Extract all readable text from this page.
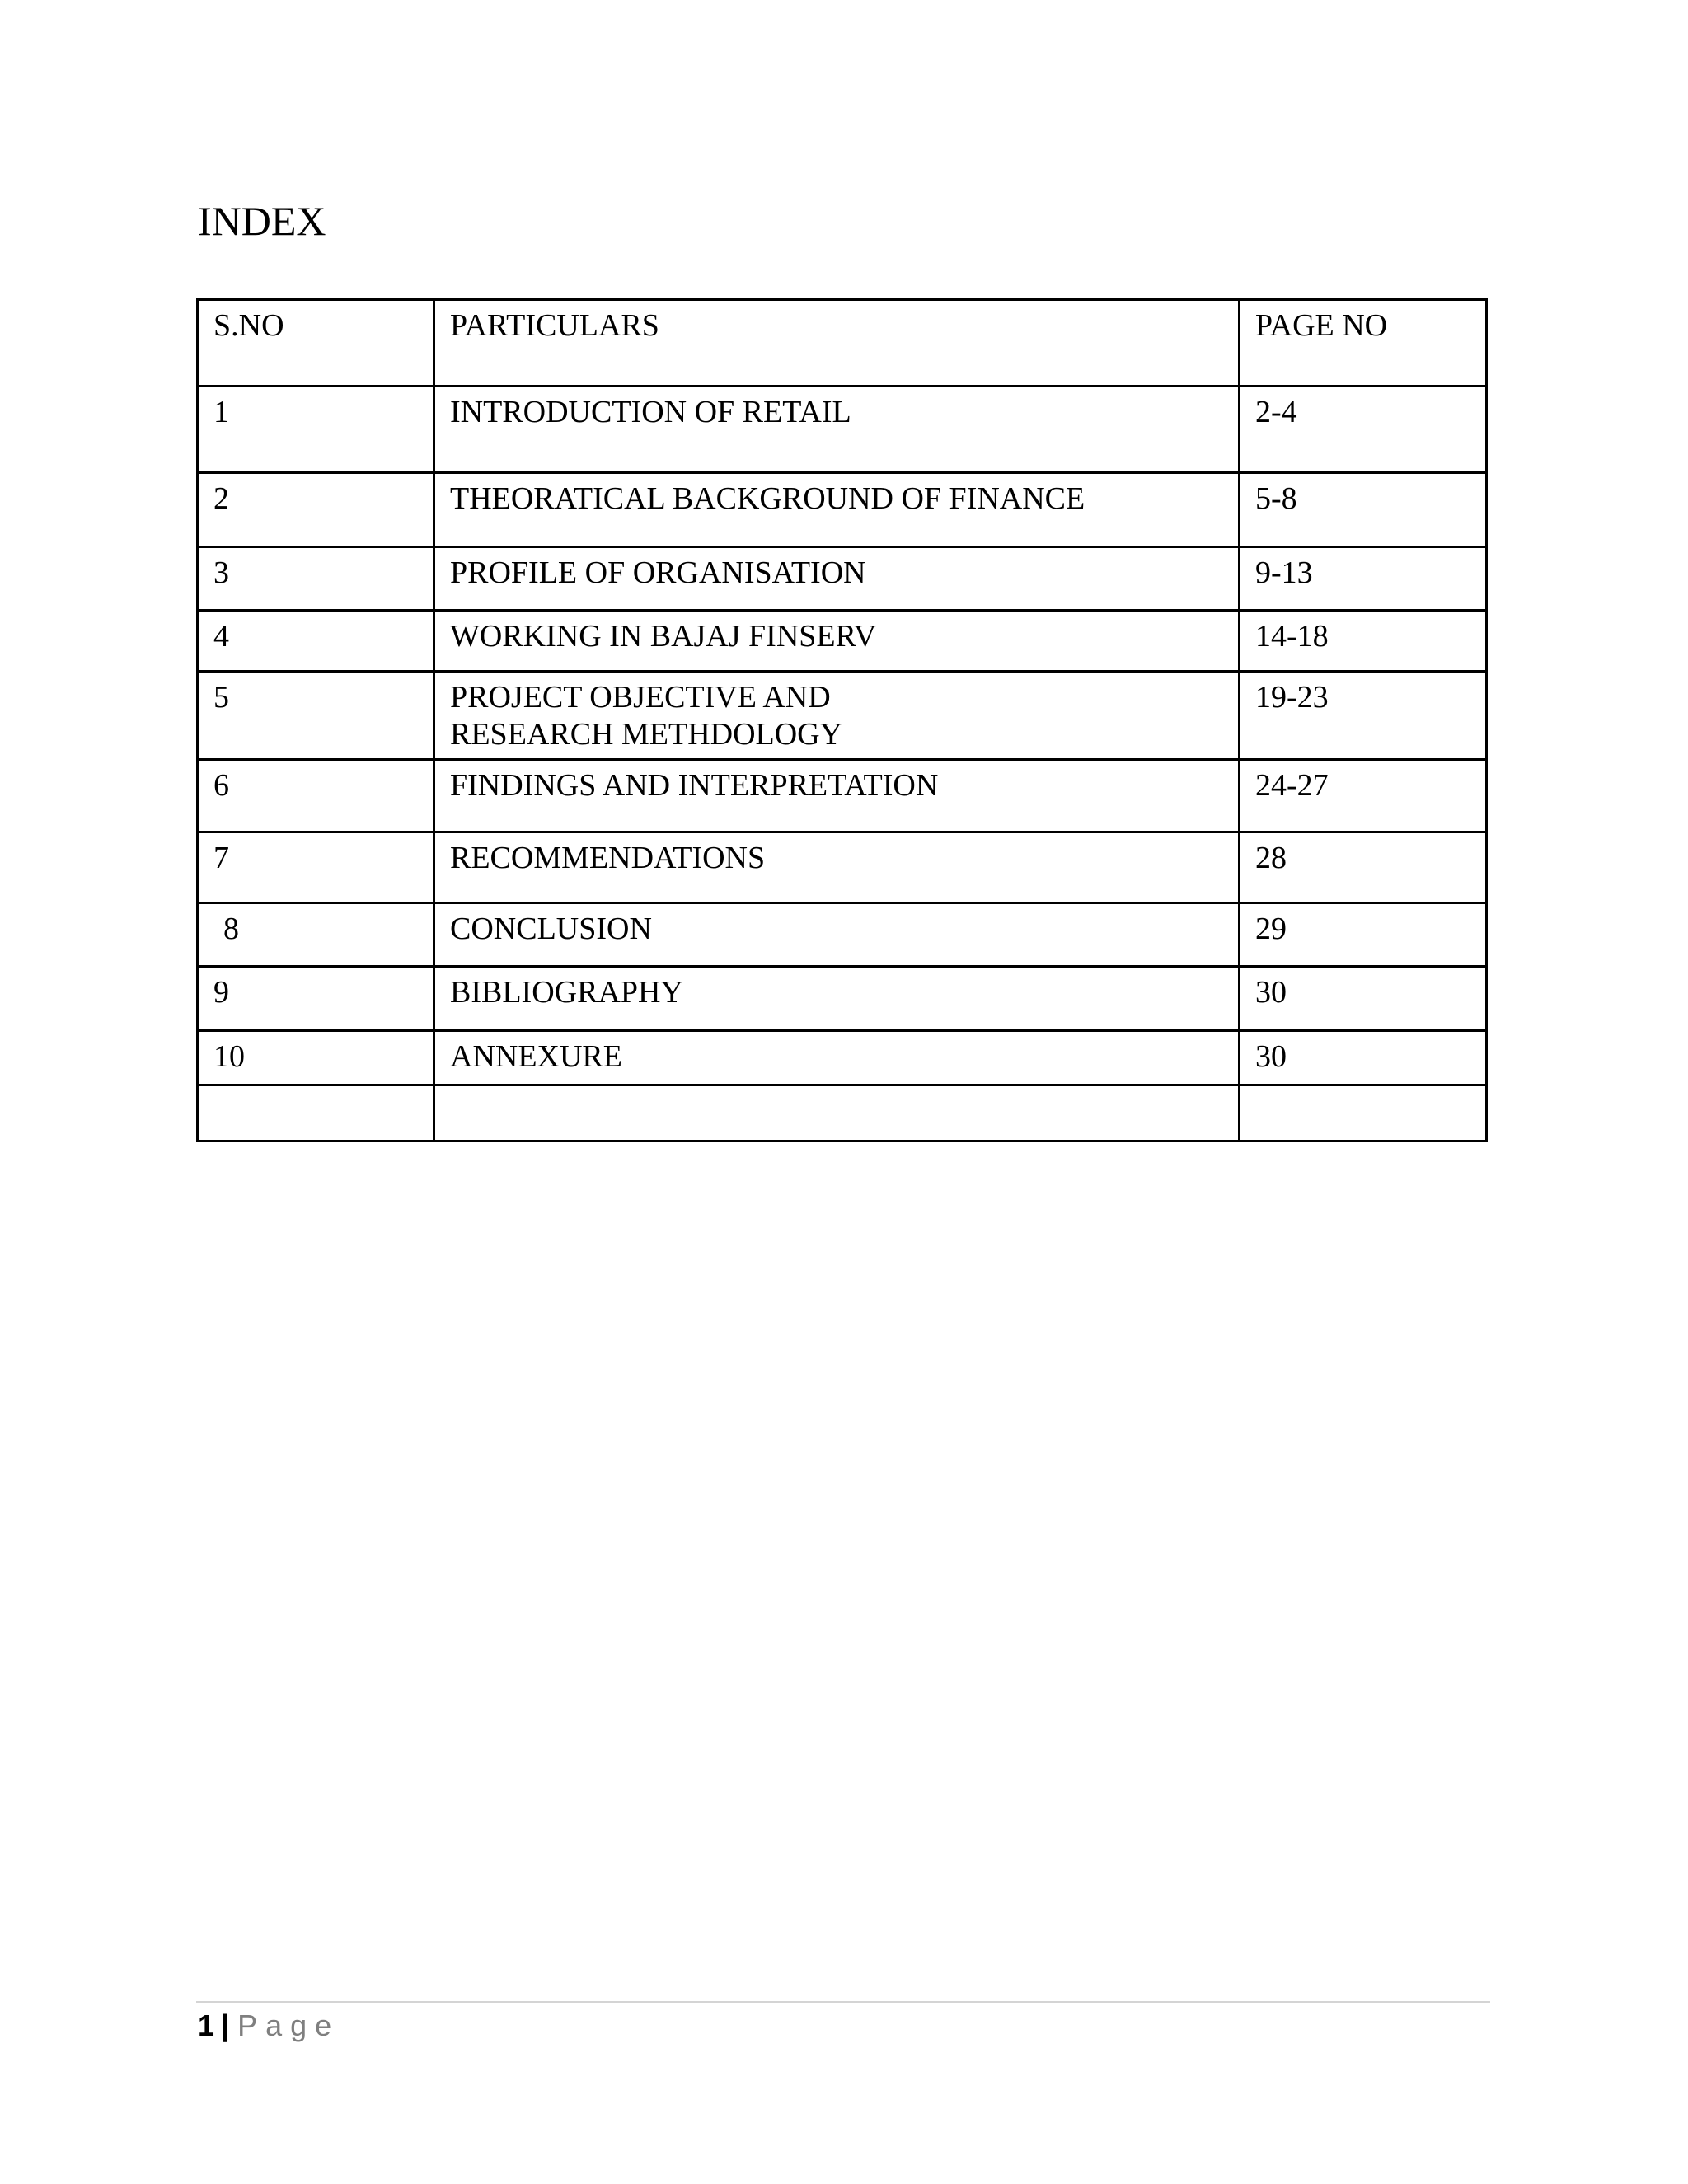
INDEX
S.NO	PARTICULARS	PAGE NO

1	INTRODUCTION OF RETAIL	2-4

2	THEORATICAL BACKGROUND OF FINANCE	5-8

3	PROFILE OF ORGANISATION	9-13

4	WORKING IN BAJAJ FINSERV	14-18

5	PROJECT OBJECTIVE AND RESEARCH METHDOLOGY	19-23

6	FINDINGS AND INTERPRETATION	24-27

7	RECOMMENDATIONS	28

8	CONCLUSION	29

9	BIBLIOGRAPHY	30

10	ANNEXURE	30

1 | Page
